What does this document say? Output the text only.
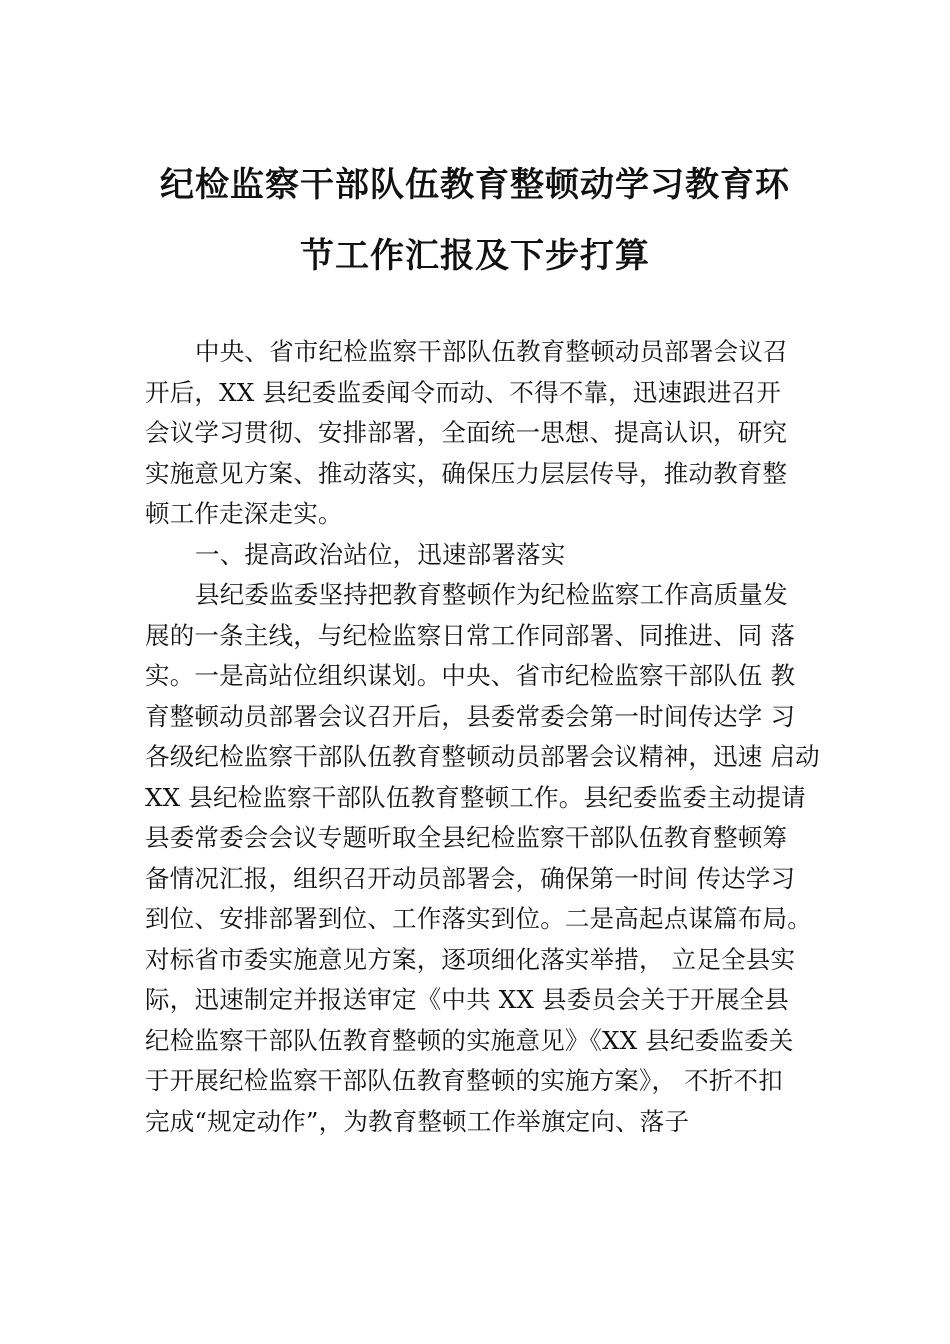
纪检监察干部队伍教育整顿动学习教育环
节工作汇报及下步打算
中央、省市纪检监察干部队伍教育整顿动员部署会议召
开后，XX 县纪委监委闻令而动、不得不靠，迅速跟进召开
会议学习贯彻、安排部署，全面统一思想、提高认识，研究
实施意见方案、推动落实，确保压力层层传导，推动教育整
顿工作走深走实。
一、提高政治站位，迅速部署落实
县纪委监委坚持把教育整顿作为纪检监察工作高质量发
展的一条主线，与纪检监察日常工作同部署、同推进、同 落
实。一是高站位组织谋划。中央、省市纪检监察干部队伍 教
育整顿动员部署会议召开后，县委常委会第一时间传达学 习
各级纪检监察干部队伍教育整顿动员部署会议精神，迅速 启动
XX 县纪检监察干部队伍教育整顿工作。县纪委监委主动提请
县委常委会会议专题听取全县纪检监察干部队伍教育整顿筹
备情况汇报，组织召开动员部署会，确保第一时间 传达学习
到位、安排部署到位、工作落实到位。二是高起点谋篇布局。
对标省市委实施意见方案，逐项细化落实举措， 立足全县实
际，迅速制定并报送审定《中共 XX 县委员会关于开展全县
纪检监察干部队伍教育整顿的实施意见》《XX 县纪委监委关
于开展纪检监察干部队伍教育整顿的实施方案》， 不折不扣
完成“规定动作”，为教育整顿工作举旗定向、落子
